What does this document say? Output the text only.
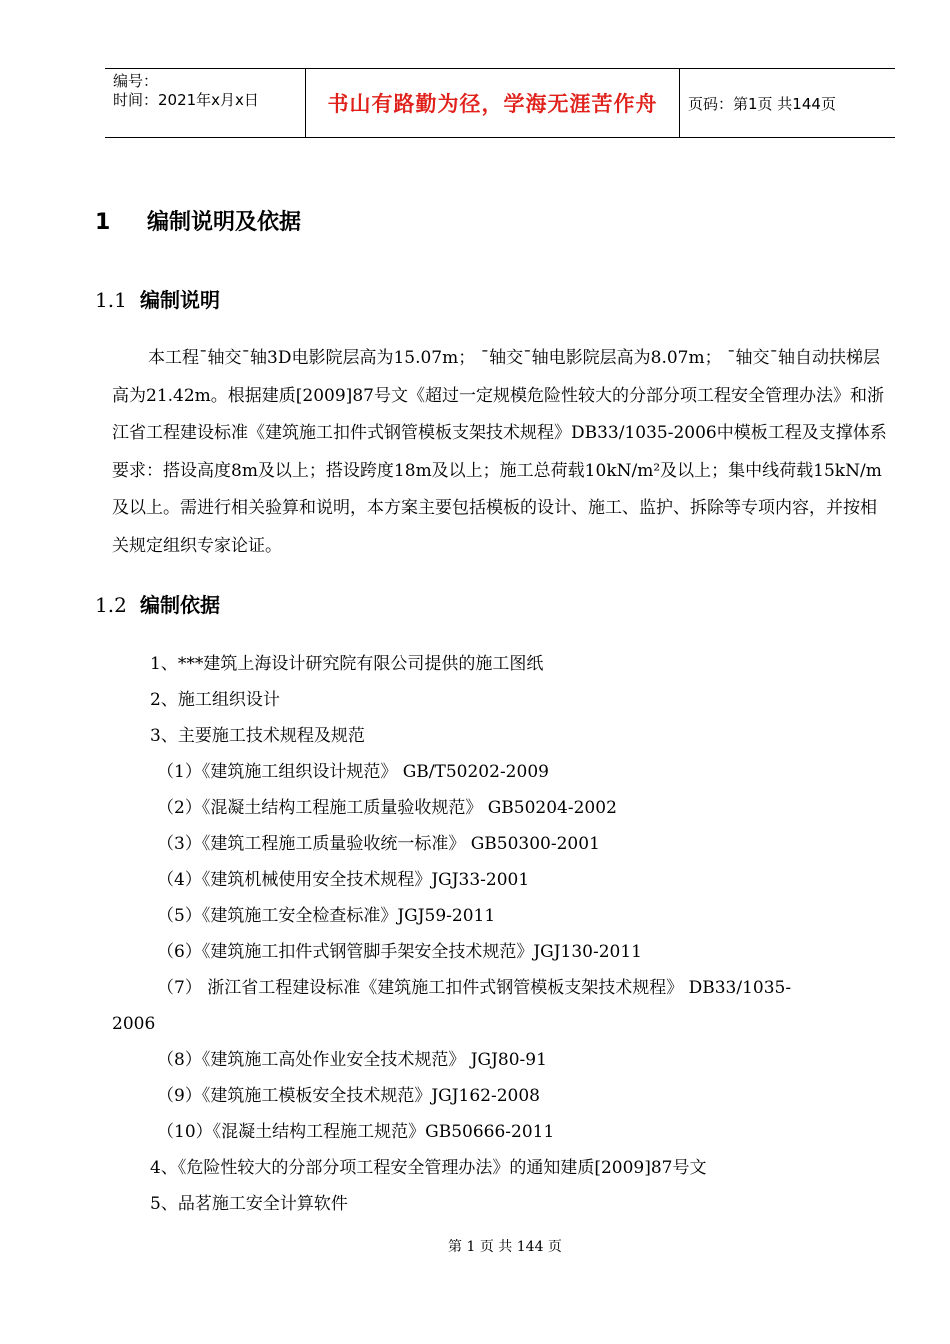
编号：
时间：2021年x月x日	书山有路勤为径，学海无涯苦作舟 页码：第1页 共144页
1 编制说明及依据
1.1 编制说明
本工程¯轴交¯轴3D电影院层高为15.07m； ¯轴交¯轴电影院层高为8.07m； ¯轴交¯轴自动扶梯层高为21.42m。根据建质[2009]87号文《超过一定规模危险性较大的分部分项工程安全管理办法》和浙江省工程建设标准《建筑施工扣件式钢管模板支架技术规程》DB33/1035-2006中模板工程及支撑体系要求：搭设高度8m及以上；搭设跨度18m及以上；施工总荷载10kN/m²及以上；集中线荷载15kN/m及以上。需进行相关验算和说明，本方案主要包括模板的设计、施工、监护、拆除等专项内容，并按相关规定组织专家论证。
1.2 编制依据
1、***建筑上海设计研究院有限公司提供的施工图纸
2、施工组织设计
3、主要施工技术规程及规范
（1）《建筑施工组织设计规范》 GB/T50202-2009
（2）《混凝土结构工程施工质量验收规范》 GB50204-2002
（3）《建筑工程施工质量验收统一标准》 GB50300-2001
（4）《建筑机械使用安全技术规程》JGJ33-2001
（5）《建筑施工安全检查标准》JGJ59-2011
（6）《建筑施工扣件式钢管脚手架安全技术规范》JGJ130-2011
（7） 浙江省工程建设标准《建筑施工扣件式钢管模板支架技术规程》 DB33/1035-
2006
（8）《建筑施工高处作业安全技术规范》 JGJ80-91
（9）《建筑施工模板安全技术规范》JGJ162-2008
（10）《混凝土结构工程施工规范》GB50666-2011
4、《危险性较大的分部分项工程安全管理办法》的通知建质[2009]87号文
5、品茗施工安全计算软件
第 1 页 共 144 页
